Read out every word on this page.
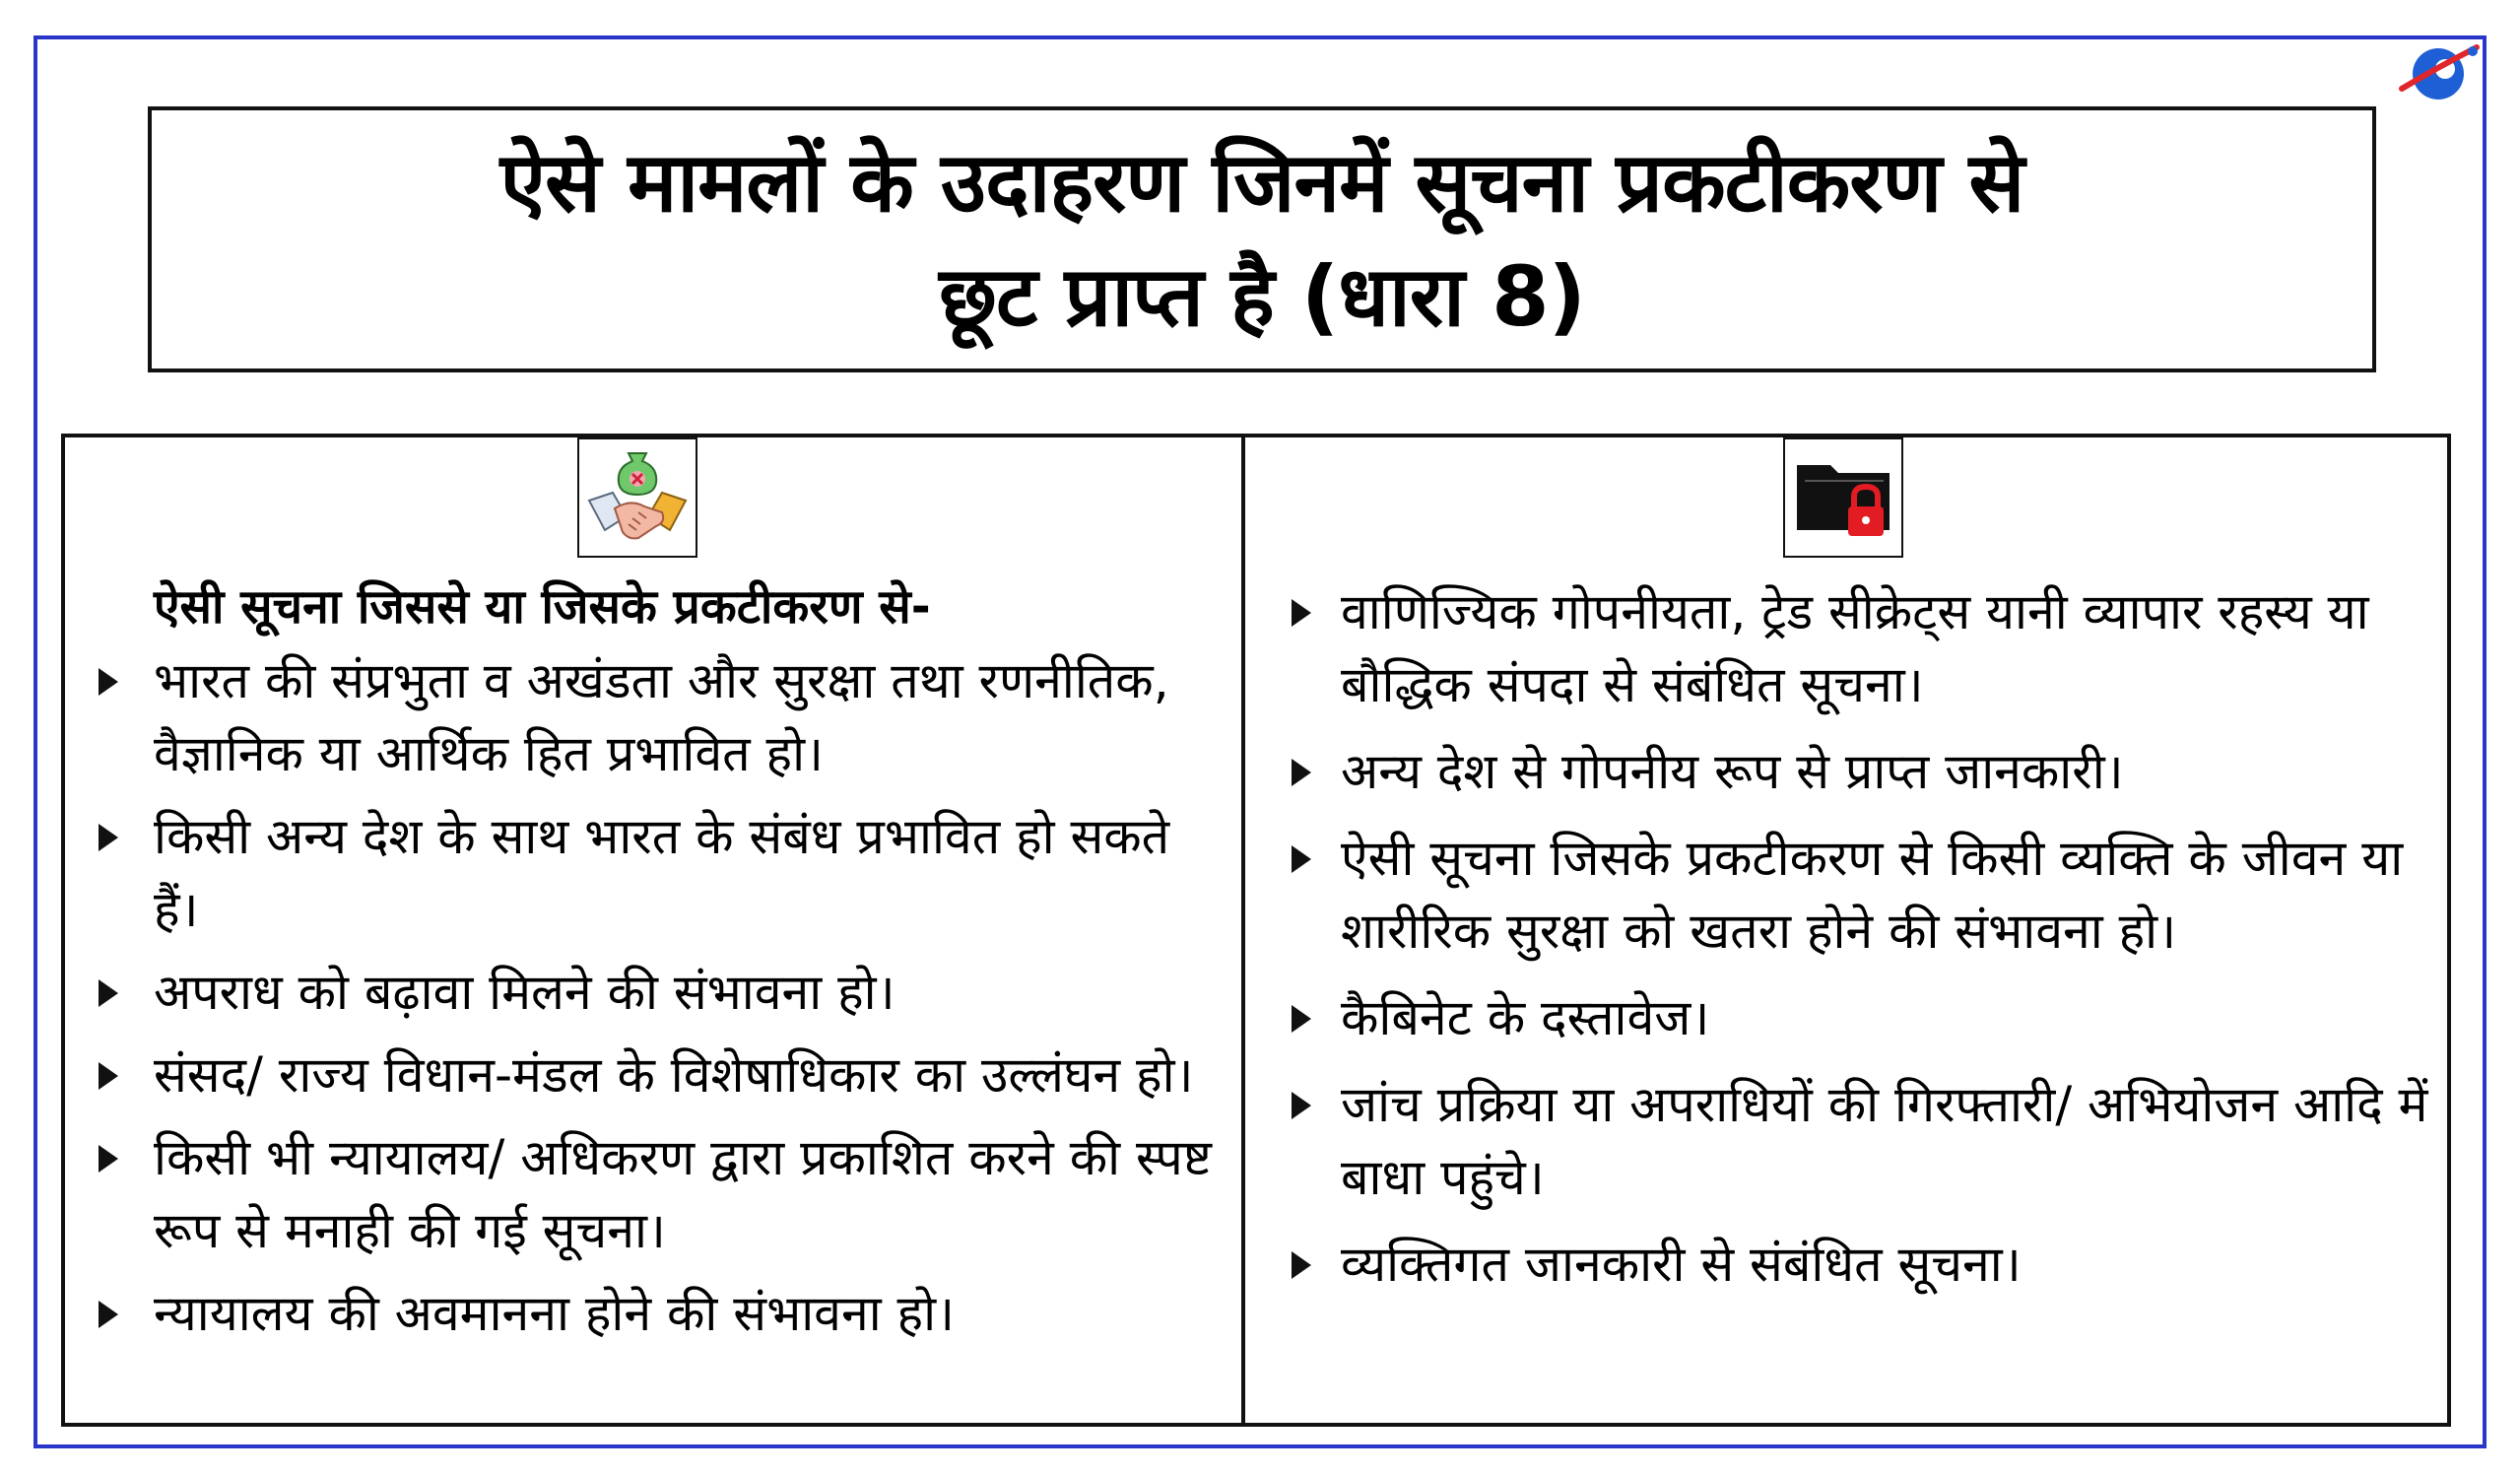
ऐसे मामलों के उदाहरण जिनमें सूचना प्रकटीकरण से
छूट प्राप्त है (धारा 8)
ऐसी सूचना जिससे या जिसके प्रकटीकरण से-
भारत की संप्रभुता व अखंडता और सुरक्षा तथा रणनीतिक, वैज्ञानिक या आर्थिक हित प्रभावित हो।
किसी अन्य देश के साथ भारत के संबंध प्रभावित हो सकते हैं।
अपराध को बढ़ावा मिलने की संभावना हो।
संसद/ राज्य विधान-मंडल के विशेषाधिकार का उल्लंघन हो।
किसी भी न्यायालय/ अधिकरण द्वारा प्रकाशित करने की स्पष्ट रूप से मनाही की गई सूचना।
न्यायालय की अवमानना होने की संभावना हो।
वाणिज्यिक गोपनीयता, ट्रेड सीक्रेट्स यानी व्यापार रहस्य या बौद्धिक संपदा से संबंधित सूचना।
अन्य देश से गोपनीय रूप से प्राप्त जानकारी।
ऐसी सूचना जिसके प्रकटीकरण से किसी व्यक्ति के जीवन या शारीरिक सुरक्षा को खतरा होने की संभावना हो।
कैबिनेट के दस्तावेज।
जांच प्रक्रिया या अपराधियों की गिरफ्तारी/ अभियोजन आदि में बाधा पहुंचे।
व्यक्तिगत जानकारी से संबंधित सूचना।
